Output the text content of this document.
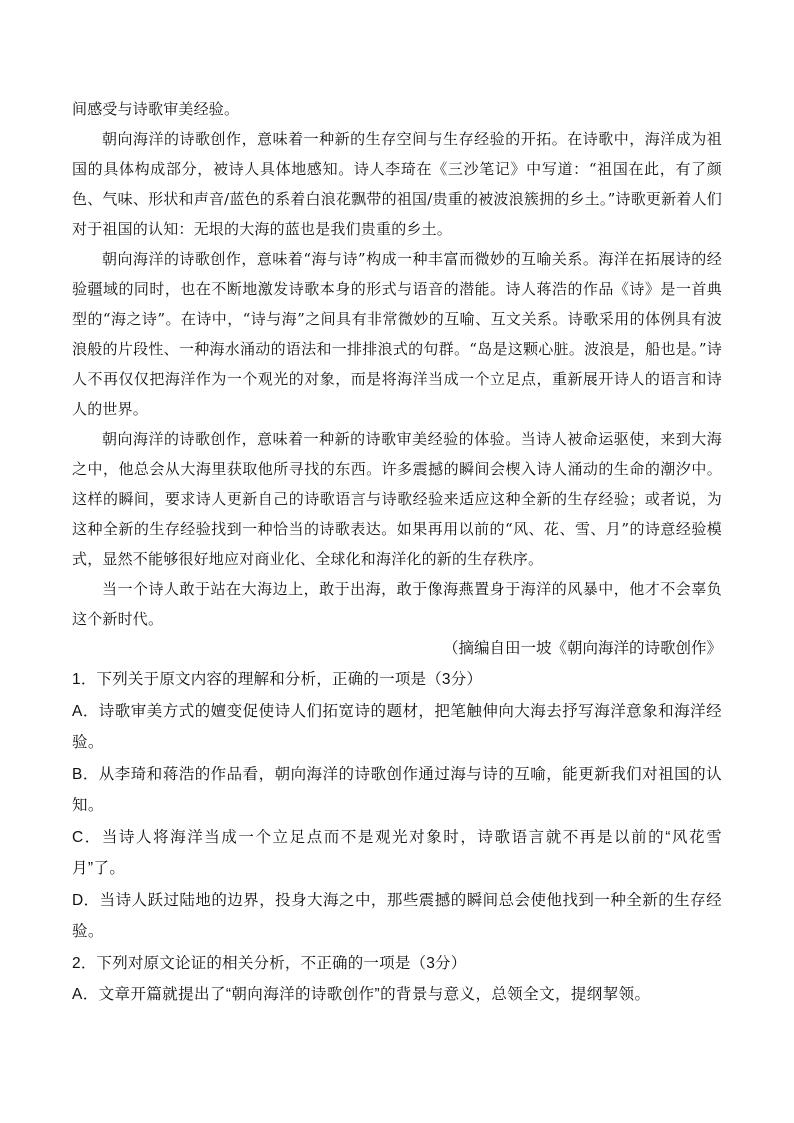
间感受与诗歌审美经验。

朝向海洋的诗歌创作，意味着一种新的生存空间与生存经验的开拓。在诗歌中，海洋成为祖国的具体构成部分，被诗人具体地感知。诗人李琦在《三沙笔记》中写道：“祖国在此，有了颜色、气味、形状和声音/蓝色的系着白浪花飘带的祖国/贵重的被波浪簇拥的乡土。”诗歌更新着人们对于祖国的认知：无垠的大海的蓝也是我们贵重的乡土。

朝向海洋的诗歌创作，意味着“海与诗”构成一种丰富而微妙的互喻关系。海洋在拓展诗的经验疆域的同时，也在不断地激发诗歌本身的形式与语音的潜能。诗人蒋浩的作品《诗》是一首典型的“海之诗”。在诗中，“诗与海”之间具有非常微妙的互喻、互文关系。诗歌采用的体例具有波浪般的片段性、一种海水涌动的语法和一排排浪式的句群。“岛是这颗心脏。波浪是，船也是。”诗人不再仅仅把海洋作为一个观光的对象，而是将海洋当成一个立足点，重新展开诗人的语言和诗人的世界。

朝向海洋的诗歌创作，意味着一种新的诗歌审美经验的体验。当诗人被命运驱使，来到大海之中，他总会从大海里获取他所寻找的东西。许多震撼的瞬间会楔入诗人涌动的生命的潮汐中。这样的瞬间，要求诗人更新自己的诗歌语言与诗歌经验来适应这种全新的生存经验；或者说，为这种全新的生存经验找到一种恰当的诗歌表达。如果再用以前的“风、花、雪、月”的诗意经验模式，显然不能够很好地应对商业化、全球化和海洋化的新的生存秩序。

当一个诗人敢于站在大海边上，敢于出海，敢于像海燕置身于海洋的风暴中，他才不会辜负这个新时代。

（摘编自田一坡《朝向海洋的诗歌创作》

1．下列关于原文内容的理解和分析，正确的一项是（3分）

A．诗歌审美方式的嬗变促使诗人们拓宽诗的题材，把笔触伸向大海去抒写海洋意象和海洋经验。

B．从李琦和蒋浩的作品看，朝向海洋的诗歌创作通过海与诗的互喻，能更新我们对祖国的认知。

C．当诗人将海洋当成一个立足点而不是观光对象时，诗歌语言就不再是以前的“风花雪月”了。

D．当诗人跃过陆地的边界，投身大海之中，那些震撼的瞬间总会使他找到一种全新的生存经验。

2．下列对原文论证的相关分析，不正确的一项是（3分）

A．文章开篇就提出了“朝向海洋的诗歌创作”的背景与意义，总领全文，提纲挈领。
